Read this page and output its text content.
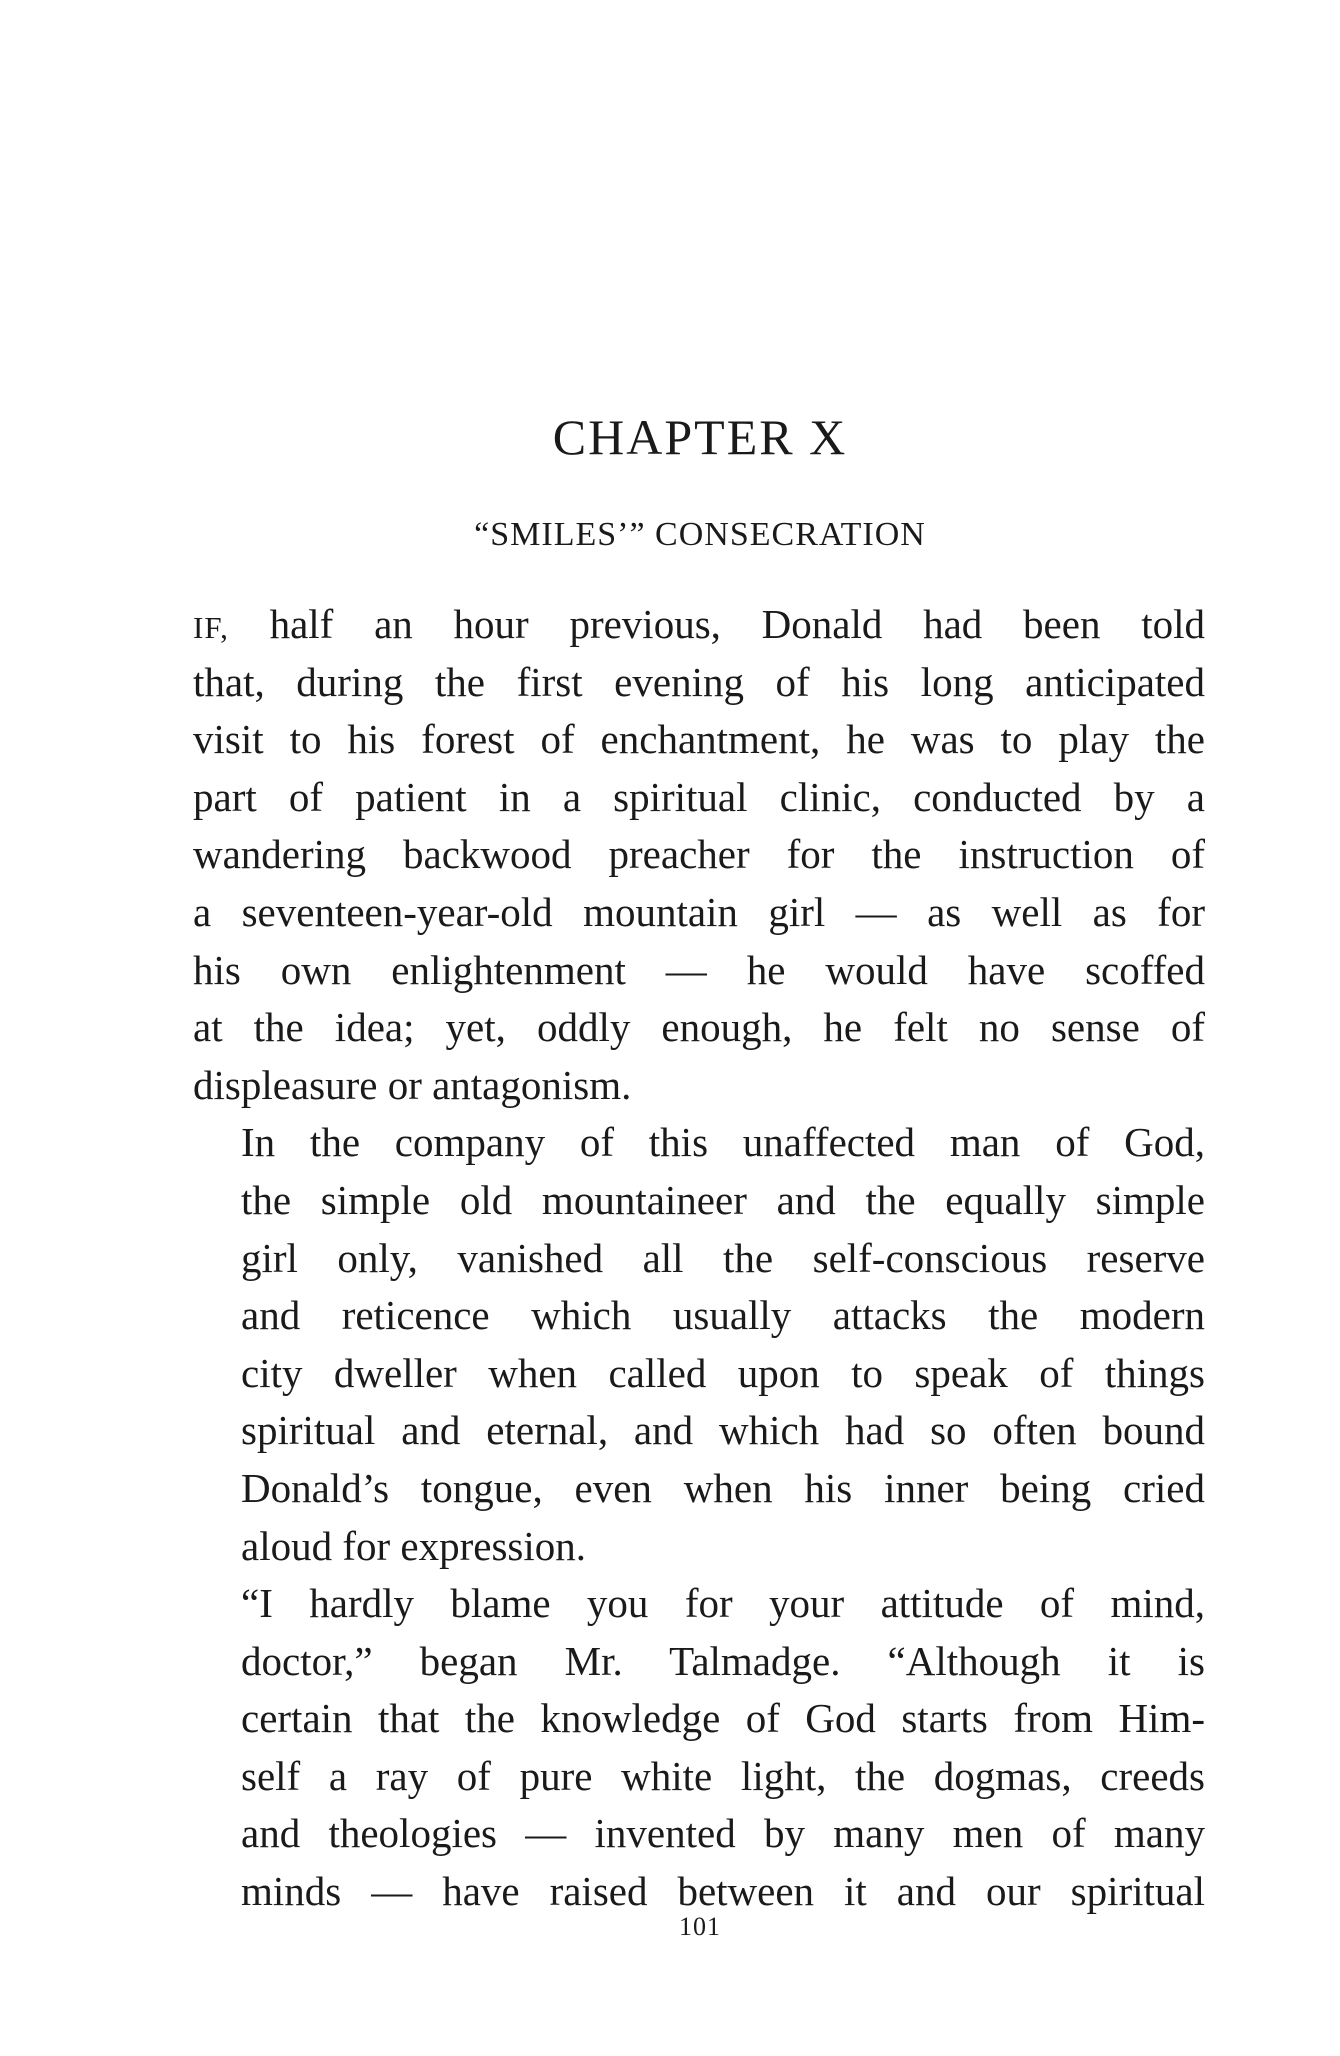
CHAPTER X
“SMILES’” CONSECRATION

IF, half an hour previous, Donald had been told
that, during the first evening of his long anticipated
visit to his forest of enchantment, he was to play the
part of patient in a spiritual clinic, conducted by a
wandering backwood preacher for the instruction of
a seventeen-year-old mountain girl — as well as for
his own enlightenment — he would have scoffed
at the idea; yet, oddly enough, he felt no sense of
displeasure or antagonism.

In the company of this unaffected man of God,
the simple old mountaineer and the equally simple
girl only, vanished all the self-conscious reserve
and reticence which usually attacks the modern
city dweller when called upon to speak of things
spiritual and eternal, and which had so often bound
Donald’s tongue, even when his inner being cried
aloud for expression.

“I hardly blame you for your attitude of mind,
doctor,” began Mr. Talmadge. “Although it is
certain that the knowledge of God starts from Him-
self a ray of pure white light, the dogmas, creeds
and theologies — invented by many men of many
minds — have raised between it and our spiritual

101
